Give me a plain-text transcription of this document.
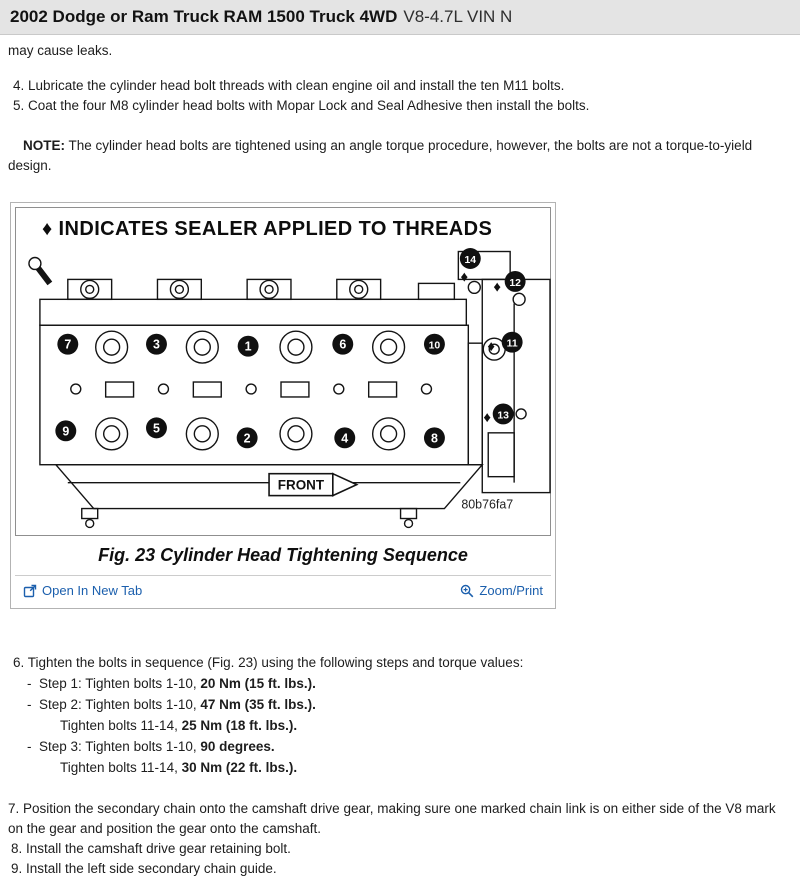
2002 Dodge or Ram Truck RAM 1500 Truck 4WD V8-4.7L VIN N

may cause leaks.

4. Lubricate the cylinder head bolt threads with clean engine oil and install the ten M11 bolts.

5. Coat the four M8 cylinder head bolts with Mopar Lock and Seal Adhesive then install the bolts.

NOTE: The cylinder head bolts are tightened using an angle torque procedure, however, the bolts are not a torque-to-yield design.

♦ INDICATES SEALER APPLIED TO THREADS
♦
♦
♦
♦
1
2
3
4
5
6
7
8
9
10	11
12
13
14
FRONT
80b76fa7
Fig. 23 Cylinder Head Tightening Sequence
Open In New Tab	Zoom/Print

6. Tighten the bolts in sequence (Fig. 23) using the following steps and torque values:

-  Step 1: Tighten bolts 1-10, 20 Nm (15 ft. lbs.).
-  Step 2: Tighten bolts 1-10, 47 Nm (35 ft. lbs.).
Tighten bolts 11-14, 25 Nm (18 ft. lbs.).
-  Step 3: Tighten bolts 1-10, 90 degrees.
Tighten bolts 11-14, 30 Nm (22 ft. lbs.).

7. Position the secondary chain onto the camshaft drive gear, making sure one marked chain link is on either side of the V8 mark on the gear and position the gear onto the camshaft.

8. Install the camshaft drive gear retaining bolt.

9. Install the left side secondary chain guide.
